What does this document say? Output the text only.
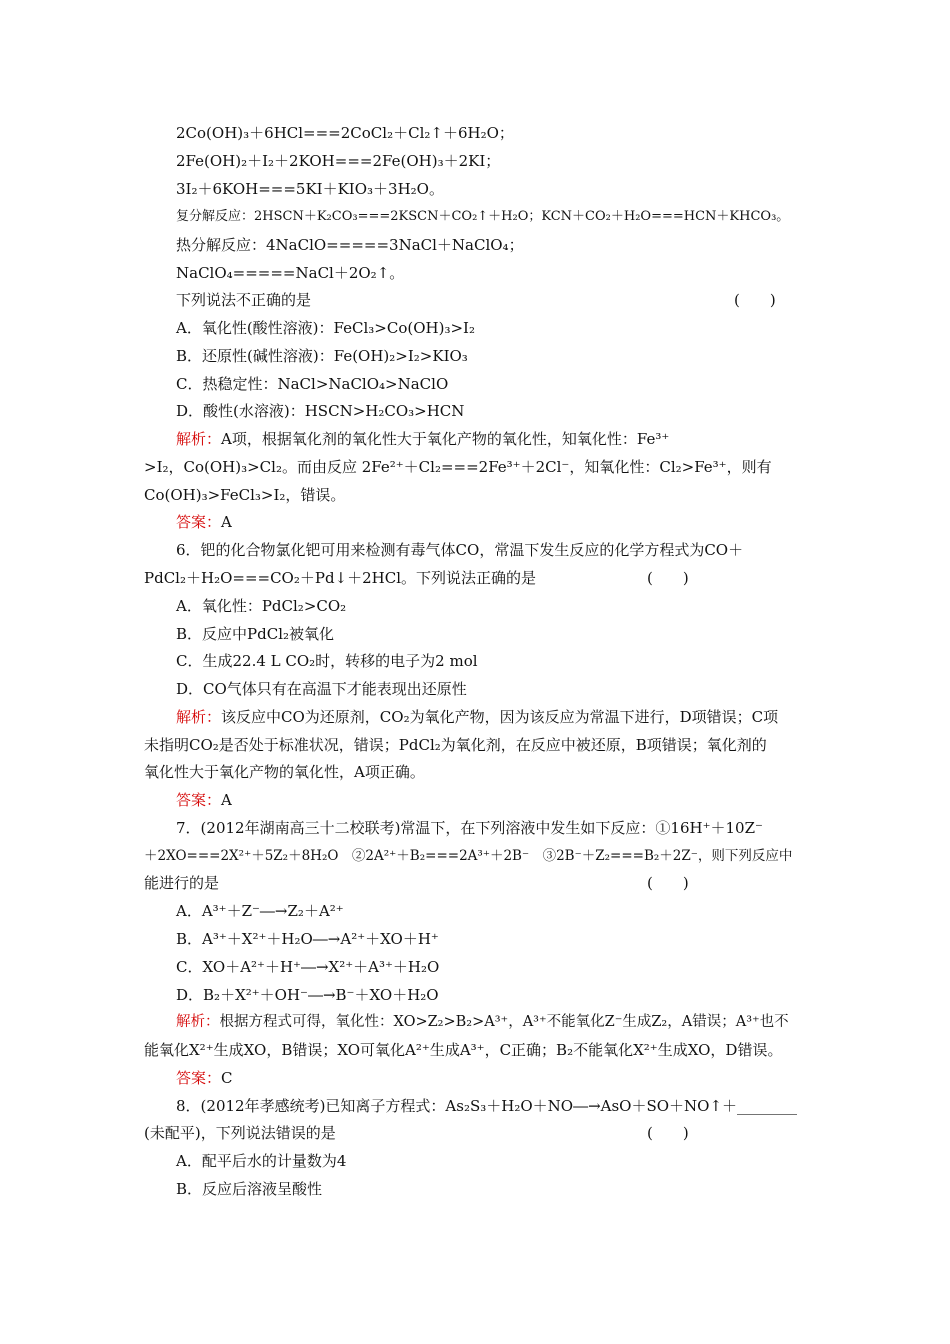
2Co(OH)₃＋6HCl===2CoCl₂＋Cl₂↑＋6H₂O；
2Fe(OH)₂＋I₂＋2KOH===2Fe(OH)₃＋2KI；
3I₂＋6KOH===5KI＋KIO₃＋3H₂O。
复分解反应：2HSCN＋K₂CO₃===2KSCN＋CO₂↑＋H₂O；KCN＋CO₂＋H₂O===HCN＋KHCO₃。
热分解反应：4NaClO=====3NaCl＋NaClO₄；
NaClO₄=====NaCl＋2O₂↑。
下列说法不正确的是	(　　)
A．氧化性(酸性溶液)：FeCl₃>Co(OH)₃>I₂
B．还原性(碱性溶液)：Fe(OH)₂>I₂>KIO₃
C．热稳定性：NaCl>NaClO₄>NaClO
D．酸性(水溶液)：HSCN>H₂CO₃>HCN
解析：A项，根据氧化剂的氧化性大于氧化产物的氧化性，知氧化性：Fe³⁺
>I₂，Co(OH)₃>Cl₂。而由反应 2Fe²⁺＋Cl₂===2Fe³⁺＋2Cl⁻，知氧化性：Cl₂>Fe³⁺，则有
Co(OH)₃>FeCl₃>I₂，错误。
答案：A
6．钯的化合物氯化钯可用来检测有毒气体CO，常温下发生反应的化学方程式为CO＋
PdCl₂＋H₂O===CO₂＋Pd↓＋2HCl。下列说法正确的是	(　　)
A．氧化性：PdCl₂>CO₂
B．反应中PdCl₂被氧化
C．生成22.4 L CO₂时，转移的电子为2 mol
D．CO气体只有在高温下才能表现出还原性
解析：该反应中CO为还原剂，CO₂为氧化产物，因为该反应为常温下进行，D项错误；C项
未指明CO₂是否处于标准状况，错误；PdCl₂为氧化剂，在反应中被还原，B项错误；氧化剂的
氧化性大于氧化产物的氧化性，A项正确。
答案：A
7．(2012年湖南高三十二校联考)常温下，在下列溶液中发生如下反应：①16H⁺＋10Z⁻
＋2XO===2X²⁺＋5Z₂＋8H₂O　②2A²⁺＋B₂===2A³⁺＋2B⁻　③2B⁻＋Z₂===B₂＋2Z⁻，则下列反应中
能进行的是	(　　)
A．A³⁺＋Z⁻―→Z₂＋A²⁺
B．A³⁺＋X²⁺＋H₂O―→A²⁺＋XO＋H⁺
C．XO＋A²⁺＋H⁺―→X²⁺＋A³⁺＋H₂O
D．B₂＋X²⁺＋OH⁻―→B⁻＋XO＋H₂O
解析：根据方程式可得，氧化性：XO>Z₂>B₂>A³⁺，A³⁺不能氧化Z⁻生成Z₂，A错误；A³⁺也不
能氧化X²⁺生成XO，B错误；XO可氧化A²⁺生成A³⁺，C正确；B₂不能氧化X²⁺生成XO，D错误。
答案：C
8．(2012年孝感统考)已知离子方程式：As₂S₃＋H₂O＋NO―→AsO＋SO＋NO↑＋________
(未配平)，下列说法错误的是	(　　)
A．配平后水的计量数为4
B．反应后溶液呈酸性
